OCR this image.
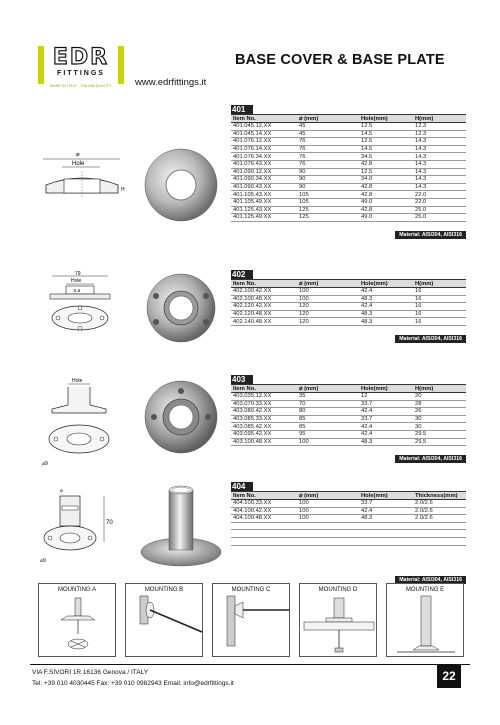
EDR
FITTINGS
MADE IN ITALY · ITALIAN QUALITY	www.edrfittings.it
BASE COVER & BASE PLATE
⌀
Hole
H
401
Item No.	⌀ (mm)	Hole(mm)	H(mm)
401.045.12.XX	45	12.5	12.3
401.045.14.XX	45	14.5	12.3
401.076.12.XX	76	12.5	14.3
401.076.14.XX	76	14.5	14.3
401.076.34.XX	76	34.5	14.3
401.076.43.XX	76	42.8	14.3
401.090.12.XX	90	12.5	14.3
401.090.34.XX	90	34.0	14.3
401.090.43.XX	90	42.8	14.3
401.105.43.XX	105	42.8	22.0
401.105.49.XX	105	49.0	22.0
401.125.43.XX	125	42.8	25.0
401.125.49.XX	125	49.0	25.0
Material: AISI304, AISI316
79
Hole
6.5
402
Item No.	⌀ (mm)	Hole(mm)	H(mm)
402.100.42.XX	100	42.4	16
402.100.48.XX	100	48.3	16
402.120.42.XX	120	42.4	16
402.120.48.XX	120	48.3	16
402.140.48.XX	120	48.3	16
Material: AISI304, AISI316
Hole
⌀9
403
Item No.	⌀ (mm)	Hole(mm)	H(mm)
403.035.12.XX	35	12	20
403.070.33.XX	70	33.7	28
403.080.42.XX	80	42.4	26
403.085.33.XX	85	33.7	30
403.085.42.XX	85	42.4	30
403.095.42.XX	95	42.4	29.5
403.100.48.XX	100	48.3	29.5
Material: AISI304, AISI316
⌀
70
⌀9
404
Item No.	⌀ (mm)	Hole(mm)	Thickness(mm)
404.100.33.XX	100	33.7	2.0/2.6
404.100.42.XX	100	42.4	2.0/2.6
404.100.48.XX	100	48.3	2.0/2.6

Material: AISI304, AISI316
MOUNTING A	MOUNTING B	MOUNTING C	MOUNTING D	MOUNTING E
VIA F.SIVORI 1R 16136 Genova / ITALY
Tel: +39 010 4030445 Fax: +39 010 0982943 Email: info@edrfittings.it
22
